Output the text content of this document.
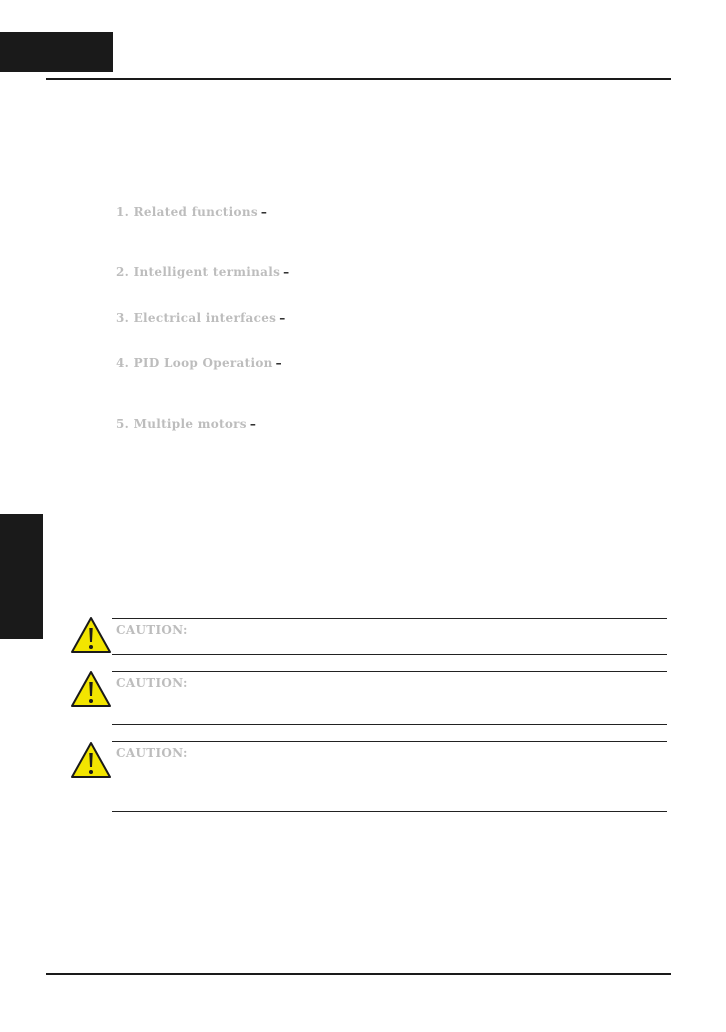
1. Related functions –
2. Intelligent terminals –
3. Electrical interfaces –
4. PID Loop Operation –
5. Multiple motors –
CAUTION:
CAUTION:
CAUTION:
